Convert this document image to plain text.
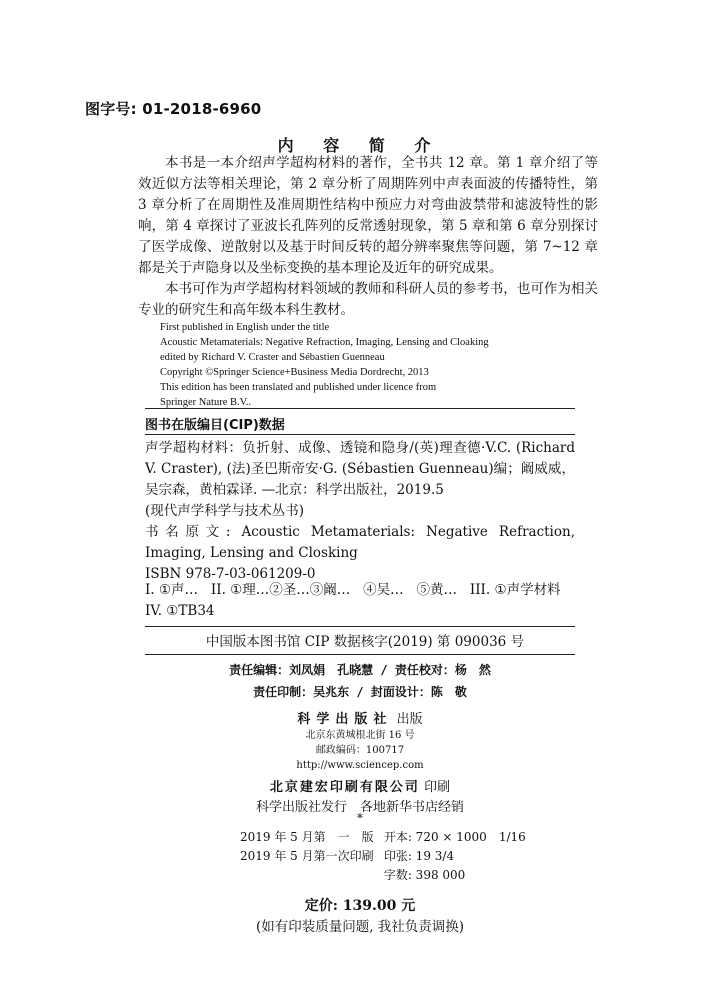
图字号: 01-2018-6960
内 容 简 介

本书是一本介绍声学超构材料的著作，全书共 12 章。第 1 章介绍了等效近似方法等相关理论，第 2 章分析了周期阵列中声表面波的传播特性，第 3 章分析了在周期性及准周期性结构中预应力对弯曲波禁带和滤波特性的影响，第 4 章探讨了亚波长孔阵列的反常透射现象，第 5 章和第 6 章分别探讨了医学成像、逆散射以及基于时间反转的超分辨率聚焦等问题，第 7~12 章都是关于声隐身以及坐标变换的基本理论及近年的研究成果。

本书可作为声学超构材料领域的教师和科研人员的参考书，也可作为相关专业的研究生和高年级本科生教材。

First published in English under the title
Acoustic Metamaterials: Negative Refraction, Imaging, Lensing and Cloaking
edited by Richard V. Craster and Sébastien Guenneau
Copyright ©Springer Science+Business Media Dordrecht, 2013
This edition has been translated and published under licence from
Springer Nature B.V..
图书在版编目(CIP)数据
声学超构材料：负折射、成像、透镜和隐身/(英)理查德·V.C. (Richard V. Craster), (法)圣巴斯帝安·G. (Sébastien Guenneau)编；阚威威，吴宗森，黄柏霖译. —北京：科学出版社，2019.5
(现代声学科学与技术丛书)
书名原文: Acoustic Metamaterials: Negative Refraction, Imaging, Lensing and Closking
ISBN 978-7-03-061209-0
I. ①声… II. ①理…②圣…③阚… ④吴… ⑤黄… III. ①声学材料
IV. ①TB34
中国版本图书馆 CIP 数据核字(2019) 第 090036 号
责任编辑：刘凤娟　孔晓慧 / 责任校对：杨　然
责任印制：吴兆东 / 封面设计：陈　敬
科学出版社 出版
北京东黄城根北街 16 号
邮政编码：100717
http://www.sciencep.com
北京建宏印刷有限公司 印刷
科学出版社发行　各地新华书店经销
*
2019 年 5 月第　一　版 开本: 720 × 1000　1/16
2019 年 5 月第一次印刷 印张: 19 3/4
字数: 398 000
定价: 139.00 元
(如有印装质量问题, 我社负责调换)
